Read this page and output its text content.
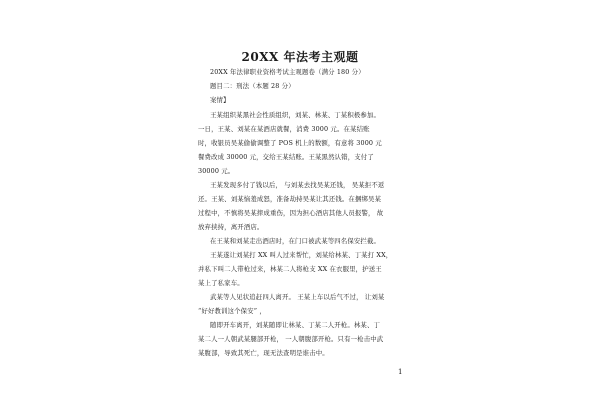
20XX 年法考主观题
20XX 年法律职业资格考试主观题卷（满分 180 分）
题目二：刑法（本题 28 分）
案情】
王某组织某黑社会性质组织，刘某、林某、丁某积极参加。
一日，王某、刘某在某酒店就餐，消费 3000 元。在某结账
时，收银员吴某偷偷调整了 POS 机上的数额，有意将 3000 元
餐费改成 30000 元，交给王某结账。王某黑然认错，支付了
30000 元。
王某发现多付了钱以后， 与刘某去找吴某还钱， 吴某拒不返
还。王某、刘某恼羞成怒，准备劫持吴某让其还钱。在捆绑吴某
过程中，不慎将吴某摔成重伤，因为担心酒店其他人员报警， 故
放弃挟持，离开酒店。
在王某和刘某走出酒店时，在门口被武某等四名保安拦截。
王某遂让刘某打 XX 叫人过来帮忙，刘某给林某、丁某打 XX，
并私下叫二人带枪过来，林某二人将枪支 XX 在衣服里，护送王
某上了私家车。
武某等人见状追赶四人离开。 王某上车以后气不过， 让刘某
“好好教训这个保安” ，
随即开车离开，刘某随即让林某、丁某二人开枪。林某、丁
某二人一人朝武某腿部开枪， 一人朝腹部开枪。只有一枪击中武
某腹部，导致其死亡，现无法查明是谁击中。
1
